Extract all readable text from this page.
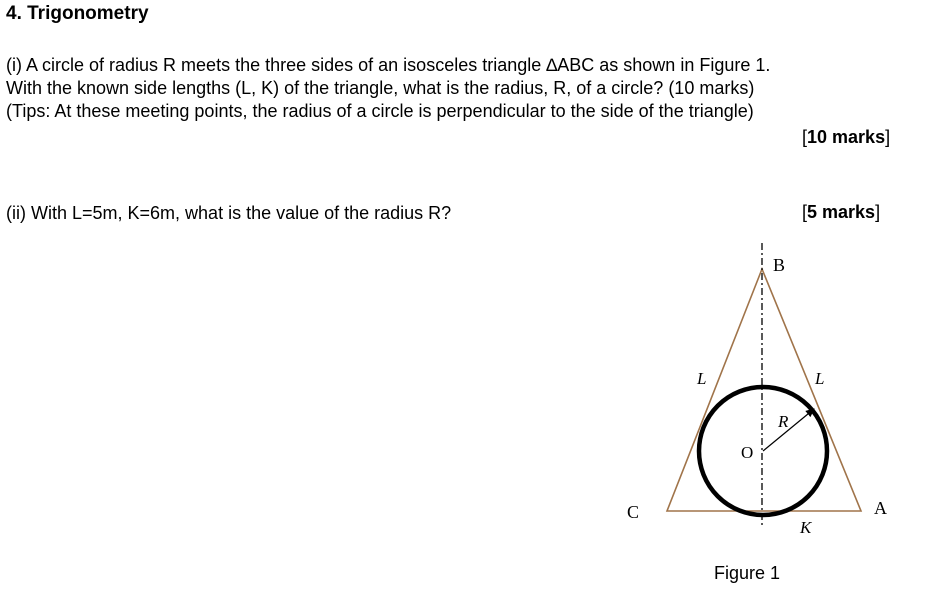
4. Trigonometry

(i) A circle of radius R meets the three sides of an isosceles triangle ∆ABC as shown in Figure 1.

With the known side lengths (L, K) of the triangle, what is the radius, R, of a circle? (10 marks)

(Tips: At these meeting points, the radius of a circle is perpendicular to the side of the triangle)

[10 marks]

(ii) With L=5m, K=6m, what is the value of the radius R?	[5 marks]
B
C	A
L	L
K
R
O

Figure 1
